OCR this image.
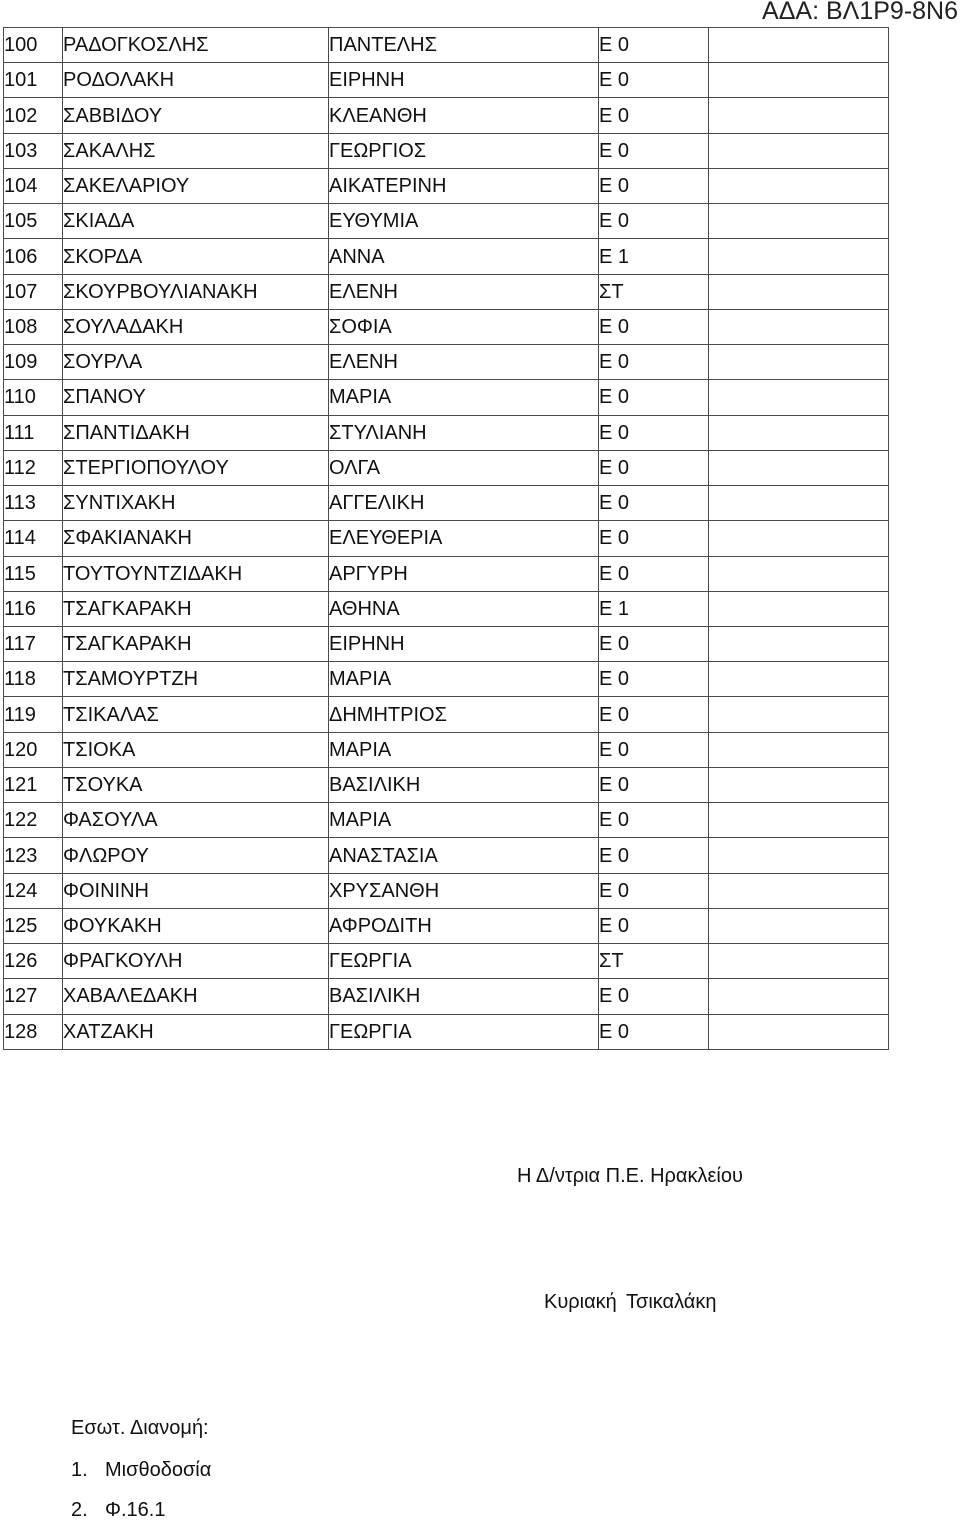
ΑΔΑ: ΒΛ1Ρ9-8Ν6
100	ΡΑΔΟΓΚΟΣΛΗΣ	ΠΑΝΤΕΛΗΣ	Ε 0	
101	ΡΟΔΟΛΑΚΗ	ΕΙΡΗΝΗ	Ε 0	
102	ΣΑΒΒΙΔΟΥ	ΚΛΕΑΝΘΗ	Ε 0	
103	ΣΑΚΑΛΗΣ	ΓΕΩΡΓΙΟΣ	Ε 0	
104	ΣΑΚΕΛΑΡΙΟΥ	ΑΙΚΑΤΕΡΙΝΗ	Ε 0	
105	ΣΚΙΑΔΑ	ΕΥΘΥΜΙΑ	Ε 0	
106	ΣΚΟΡΔΑ	ΑΝΝΑ	Ε 1	
107	ΣΚΟΥΡΒΟΥΛΙΑΝΑΚΗ	ΕΛΕΝΗ	ΣΤ	
108	ΣΟΥΛΑΔΑΚΗ	ΣΟΦΙΑ	Ε 0	
109	ΣΟΥΡΛΑ	ΕΛΕΝΗ	Ε 0	
110	ΣΠΑΝΟΥ	ΜΑΡΙΑ	Ε 0	
111	ΣΠΑΝΤΙΔΑΚΗ	ΣΤΥΛΙΑΝΗ	Ε 0	
112	ΣΤΕΡΓΙΟΠΟΥΛΟΥ	ΟΛΓΑ	Ε 0	
113	ΣΥΝΤΙΧΑΚΗ	ΑΓΓΕΛΙΚΗ	Ε 0	
114	ΣΦΑΚΙΑΝΑΚΗ	ΕΛΕΥΘΕΡΙΑ	Ε 0	
115	ΤΟΥΤΟΥΝΤΖΙΔΑΚΗ	ΑΡΓΥΡΗ	Ε 0	
116	ΤΣΑΓΚΑΡΑΚΗ	ΑΘΗΝΑ	Ε 1	
117	ΤΣΑΓΚΑΡΑΚΗ	ΕΙΡΗΝΗ	Ε 0	
118	ΤΣΑΜΟΥΡΤΖΗ	ΜΑΡΙΑ	Ε 0	
119	ΤΣΙΚΑΛΑΣ	ΔΗΜΗΤΡΙΟΣ	Ε 0	
120	ΤΣΙΟΚΑ	ΜΑΡΙΑ	Ε 0	
121	ΤΣΟΥΚΑ	ΒΑΣΙΛΙΚΗ	Ε 0	
122	ΦΑΣΟΥΛΑ	ΜΑΡΙΑ	Ε 0	
123	ΦΛΩΡΟΥ	ΑΝΑΣΤΑΣΙΑ	Ε 0	
124	ΦΟΙΝΙΝΗ	ΧΡΥΣΑΝΘΗ	Ε 0	
125	ΦΟΥΚΑΚΗ	ΑΦΡΟΔΙΤΗ	Ε 0	
126	ΦΡΑΓΚΟΥΛΗ	ΓΕΩΡΓΙΑ	ΣΤ	
127	ΧΑΒΑΛΕΔΑΚΗ	ΒΑΣΙΛΙΚΗ	Ε 0	
128	ΧΑΤΖΑΚΗ	ΓΕΩΡΓΙΑ	Ε 0	
Η Δ/ντρια Π.Ε. Ηρακλείου
Κυριακή Τσικαλάκη
Εσωτ. Διανομή:
1. Μισθοδοσία
2. Φ.16.1
